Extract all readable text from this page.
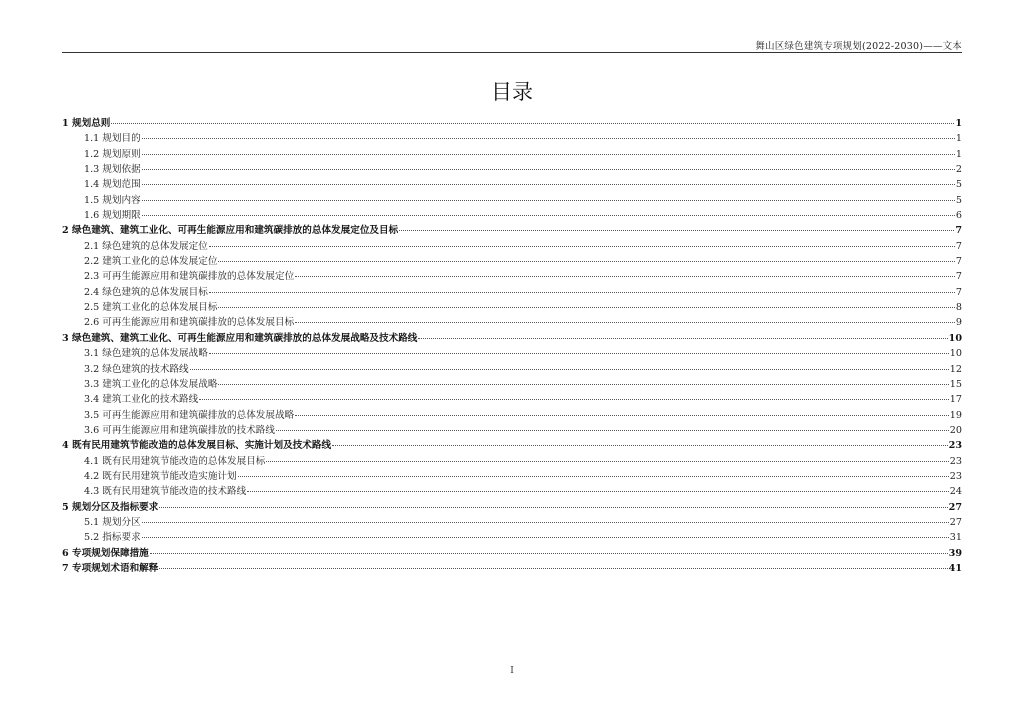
舞山区绿色建筑专项规划(2022-2030)——文本
目录
1 规划总则	1
1.1 规划目的	1
1.2 规划原则	1
1.3 规划依据	2
1.4 规划范围	5
1.5 规划内容	5
1.6 规划期限	6
2 绿色建筑、建筑工业化、可再生能源应用和建筑碳排放的总体发展定位及目标	7
2.1 绿色建筑的总体发展定位	7
2.2 建筑工业化的总体发展定位	7
2.3 可再生能源应用和建筑碳排放的总体发展定位	7
2.4 绿色建筑的总体发展目标	7
2.5 建筑工业化的总体发展目标	8
2.6 可再生能源应用和建筑碳排放的总体发展目标	9
3 绿色建筑、建筑工业化、可再生能源应用和建筑碳排放的总体发展战略及技术路线	10
3.1 绿色建筑的总体发展战略	10
3.2 绿色建筑的技术路线	12
3.3 建筑工业化的总体发展战略	15
3.4 建筑工业化的技术路线	17
3.5 可再生能源应用和建筑碳排放的总体发展战略	19
3.6 可再生能源应用和建筑碳排放的技术路线	20
4 既有民用建筑节能改造的总体发展目标、实施计划及技术路线	23
4.1 既有民用建筑节能改造的总体发展目标	23
4.2 既有民用建筑节能改造实施计划	23
4.3 既有民用建筑节能改造的技术路线	24
5 规划分区及指标要求	27
5.1 规划分区	27
5.2 指标要求	31
6 专项规划保障措施	39
7 专项规划术语和解释	41
I
